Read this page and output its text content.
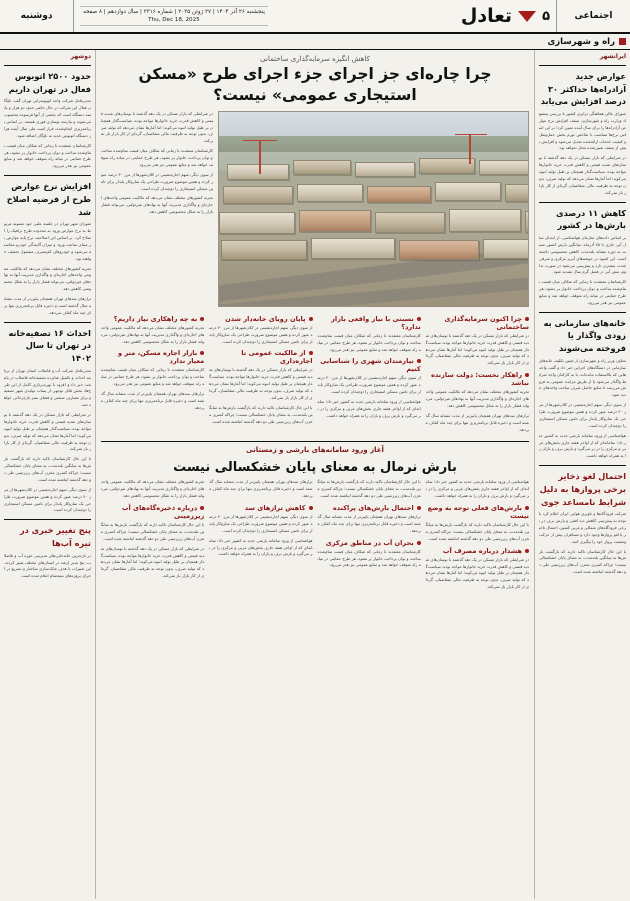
اجتماعی
۵
تعادل
پنجشنبه ۲۶ آذر ۱۴۰۴ | ۲۷ ژوئن ۲۰۲۵ | شماره ۲۳۱۶ | سال دوازدهم | ۸ صفحه
Thu, Dec 18, 2025
دوشنبه
راه و شهرسازی
ایرانشهر
عوارض جدید آزادراه‌ها حداکثر ۳۰ درصد افزایش می‌یابد
شورای عالی هماهنگی ترابری کشور با بررسی پیشنهاد وزارت راه و شهرسازی، سقف افزایش نرخ عوارض آزادراه‌ها را برای سال آینده تعیین کرد؛ بر این اساس نرخ‌ها متناسب با شاخص تورم بخش حمل‌ونقل و کیفیت خدمات ارائه‌شده تعدیل می‌شود و افزایش بیش از سقف تعیین‌شده مجاز نخواهد بود.
در شرایطی که بازار مسکن در یک دهه گذشته با نوسان‌های شدید قیمتی و کاهش قدرت خرید خانوارها مواجه بوده، سیاست‌گذار همچنان بر طبل تولید انبوه می‌کوبد؛ اما آمارها نشان می‌دهد که تولید صرف، بدون توجه به ظرفیت مالی متقاضیان، گره‌ای از کار بازار باز نمی‌کند.
کاهش ۱۱ درصدی بارش‌ها در کشور
بر اساس داده‌های سازمان هواشناسی، از ابتدای سال آبی جاری تا ۲۵ آذرماه، میانگین بارش کشور نسبت به دوره مشابه بلندمدت کاهش محسوسی داشته است. این کمبود در حوضه‌های آبریز مرکزی و شرقی شدت بیشتری دارد و پیش‌بینی می‌شود در صورت تداوم، تنش آبی در فصل گرم سال تشدید شود.
کارشناسان معتقدند تا زمانی که شکاف میان قیمت تمام‌شده ساخت و توان پرداخت خانوار پر نشود، هر طرح حمایتی در میانه راه متوقف خواهد شد و منابع عمومی نیز هدر می‌رود.
خانه‌های سازمانی به زودی واگذار یا فروخته می‌شوند
معاون وزیر راه و شهرسازی از تعیین تکلیف خانه‌های سازمانی در دستگاه‌های اجرایی خبر داد و گفت واحدهایی که بلااستفاده مانده‌اند، یا به کارکنان واجد شرایط واگذار می‌شود یا از طریق مزایده عمومی به فروش می‌رسد تا منابع حاصل صرف ساخت واحدهای جدید شود.
از سوی دیگر، سهم اجاره‌نشینی در کلان‌شهرها از مرز ۴۰ درصد عبور کرده و همین موضوع ضرورت طراحی یک سازوکار پایدار برای تامین مسکن استیجاری را دوچندان کرده است.
هواشناسی از ورود سامانه بارشی جدید به کشور خبر داد؛ سامانه‌ای که از اواخر هفته جاری بخش‌های غربی و مرکزی را در بر می‌گیرد و بارش برف و باران را به همراه خواهد داشت.
احتمال لغو ذخایر برخی پروازها به دلیل شرایط نامساعد جوی
شرکت فرودگاه‌ها و ناوبری هوایی ایران اعلام کرد با توجه به پیش‌بینی کاهش دید افقی و بارش برف در برخی فرودگاه‌های شمالی و غربی کشور، احتمال تاخیر یا لغو پروازها وجود دارد و مسافران پیش از حرکت وضعیت پرواز خود را پیگیری کنند.
با این حال کارشناسان تاکید دارند که بازگشت بارش‌ها به میانگین بلندمدت، به معنای پایان خشکسالی نیست؛ چراکه کسری مخزن آب‌های زیرزمینی طی دو دهه گذشته انباشته شده است.
کاهش انگیزه سرمایه‌گذاری ساختمانی
چرا چاره‌ای جز اجرای جزء اجرای طرح «مسکن استیجاری عمومی» نیست؟
در شرایطی که بازار مسکن در یک دهه گذشته با نوسان‌های شدید قیمتی و کاهش قدرت خرید خانوارها مواجه بوده، سیاست‌گذار همچنان بر طبل تولید انبوه می‌کوبد؛ اما آمارها نشان می‌دهد که تولید صرف، بدون توجه به ظرفیت مالی متقاضیان، گره‌ای از کار بازار باز نمی‌کند.
کارشناسان معتقدند تا زمانی که شکاف میان قیمت تمام‌شده ساخت و توان پرداخت خانوار پر نشود، هر طرح حمایتی در میانه راه متوقف خواهد شد و منابع عمومی نیز هدر می‌رود.
از سوی دیگر، سهم اجاره‌نشینی در کلان‌شهرها از مرز ۴۰ درصد عبور کرده و همین موضوع ضرورت طراحی یک سازوکار پایدار برای تامین مسکن استیجاری را دوچندان کرده است.
تجربه کشورهای مختلف نشان می‌دهد که مالکیت عمومی واحدهای اجاره‌ای و واگذاری مدیریت آنها به نهادهای غیردولتی، می‌تواند فشار بازار را به شکل محسوسی کاهش دهد.
چرا اکنون سرمایه‌گذاری ساختمانی
در شرایطی که بازار مسکن در یک دهه گذشته با نوسان‌های شدید قیمتی و کاهش قدرت خرید خانوارها مواجه بوده، سیاست‌گذار همچنان بر طبل تولید انبوه می‌کوبد؛ اما آمارها نشان می‌دهد که تولید صرف، بدون توجه به ظرفیت مالی متقاضیان، گره‌ای از کار بازار باز نمی‌کند.
راهکار نخست: دولت سازنده نباشد
تجربه کشورهای مختلف نشان می‌دهد که مالکیت عمومی واحدهای اجاره‌ای و واگذاری مدیریت آنها به نهادهای غیردولتی، می‌تواند فشار بازار را به شکل محسوسی کاهش دهد.
ترازهای سدهای تهران همچنان پایین‌تر از مدت مشابه سال گذشته است و ذخیره قابل برنامه‌ریزی تنها برای چند ماه کفاف می‌دهد.
نسبتی با نیاز واقعی بازار ندارد؟
کارشناسان معتقدند تا زمانی که شکاف میان قیمت تمام‌شده ساخت و توان پرداخت خانوار پر نشود، هر طرح حمایتی در میانه راه متوقف خواهد شد و منابع عمومی نیز هدر می‌رود.
نیازمندان شهری را شناسایی کنیم
از سوی دیگر، سهم اجاره‌نشینی در کلان‌شهرها از مرز ۴۰ درصد عبور کرده و همین موضوع ضرورت طراحی یک سازوکار پایدار برای تامین مسکن استیجاری را دوچندان کرده است.
هواشناسی از ورود سامانه بارشی جدید به کشور خبر داد؛ سامانه‌ای که از اواخر هفته جاری بخش‌های غربی و مرکزی را در بر می‌گیرد و بارش برف و باران را به همراه خواهد داشت.
پایان رویای خانه‌دار شدن
از سوی دیگر، سهم اجاره‌نشینی در کلان‌شهرها از مرز ۴۰ درصد عبور کرده و همین موضوع ضرورت طراحی یک سازوکار پایدار برای تامین مسکن استیجاری را دوچندان کرده است.
از مالکیت عمومی تا اجاره‌داری
در شرایطی که بازار مسکن در یک دهه گذشته با نوسان‌های شدید قیمتی و کاهش قدرت خرید خانوارها مواجه بوده، سیاست‌گذار همچنان بر طبل تولید انبوه می‌کوبد؛ اما آمارها نشان می‌دهد که تولید صرف، بدون توجه به ظرفیت مالی متقاضیان، گره‌ای از کار بازار باز نمی‌کند.
با این حال کارشناسان تاکید دارند که بازگشت بارش‌ها به میانگین بلندمدت، به معنای پایان خشکسالی نیست؛ چراکه کسری مخزن آب‌های زیرزمینی طی دو دهه گذشته انباشته شده است.
به چه راهکاری نیاز داریم؟
تجربه کشورهای مختلف نشان می‌دهد که مالکیت عمومی واحدهای اجاره‌ای و واگذاری مدیریت آنها به نهادهای غیردولتی، می‌تواند فشار بازار را به شکل محسوسی کاهش دهد.
بازار اجاره مسکن، متر و معیار ندارد
کارشناسان معتقدند تا زمانی که شکاف میان قیمت تمام‌شده ساخت و توان پرداخت خانوار پر نشود، هر طرح حمایتی در میانه راه متوقف خواهد شد و منابع عمومی نیز هدر می‌رود.
ترازهای سدهای تهران همچنان پایین‌تر از مدت مشابه سال گذشته است و ذخیره قابل برنامه‌ریزی تنها برای چند ماه کفاف می‌دهد.
آغاز ورود سامانه‌های بارشی و زمستانی
بارش نرمال به معنای پایان خشکسالی نیست
هواشناسی از ورود سامانه بارشی جدید به کشور خبر داد؛ سامانه‌ای که از اواخر هفته جاری بخش‌های غربی و مرکزی را در بر می‌گیرد و بارش برف و باران را به همراه خواهد داشت.
بارش‌های فعلی توجه به وضع نیست
با این حال کارشناسان تاکید دارند که بازگشت بارش‌ها به میانگین بلندمدت، به معنای پایان خشکسالی نیست؛ چراکه کسری مخزن آب‌های زیرزمینی طی دو دهه گذشته انباشته شده است.
هشدار درباره مصرف آب
در شرایطی که بازار مسکن در یک دهه گذشته با نوسان‌های شدید قیمتی و کاهش قدرت خرید خانوارها مواجه بوده، سیاست‌گذار همچنان بر طبل تولید انبوه می‌کوبد؛ اما آمارها نشان می‌دهد که تولید صرف، بدون توجه به ظرفیت مالی متقاضیان، گره‌ای از کار بازار باز نمی‌کند.
با این حال کارشناسان تاکید دارند که بازگشت بارش‌ها به میانگین بلندمدت، به معنای پایان خشکسالی نیست؛ چراکه کسری مخزن آب‌های زیرزمینی طی دو دهه گذشته انباشته شده است.
احتمال بارش‌های پراکنده
ترازهای سدهای تهران همچنان پایین‌تر از مدت مشابه سال گذشته است و ذخیره قابل برنامه‌ریزی تنها برای چند ماه کفاف می‌دهد.
بحران آب در مناطق مرکزی
کارشناسان معتقدند تا زمانی که شکاف میان قیمت تمام‌شده ساخت و توان پرداخت خانوار پر نشود، هر طرح حمایتی در میانه راه متوقف خواهد شد و منابع عمومی نیز هدر می‌رود.
ترازهای سدهای تهران همچنان پایین‌تر از مدت مشابه سال گذشته است و ذخیره قابل برنامه‌ریزی تنها برای چند ماه کفاف می‌دهد.
کاهش ترازهای سد
از سوی دیگر، سهم اجاره‌نشینی در کلان‌شهرها از مرز ۴۰ درصد عبور کرده و همین موضوع ضرورت طراحی یک سازوکار پایدار برای تامین مسکن استیجاری را دوچندان کرده است.
هواشناسی از ورود سامانه بارشی جدید به کشور خبر داد؛ سامانه‌ای که از اواخر هفته جاری بخش‌های غربی و مرکزی را در بر می‌گیرد و بارش برف و باران را به همراه خواهد داشت.
تجربه کشورهای مختلف نشان می‌دهد که مالکیت عمومی واحدهای اجاره‌ای و واگذاری مدیریت آنها به نهادهای غیردولتی، می‌تواند فشار بازار را به شکل محسوسی کاهش دهد.
درباره ذخیره‌گاه‌های آب زیرزمینی
با این حال کارشناسان تاکید دارند که بازگشت بارش‌ها به میانگین بلندمدت، به معنای پایان خشکسالی نیست؛ چراکه کسری مخزن آب‌های زیرزمینی طی دو دهه گذشته انباشته شده است.
در شرایطی که بازار مسکن در یک دهه گذشته با نوسان‌های شدید قیمتی و کاهش قدرت خرید خانوارها مواجه بوده، سیاست‌گذار همچنان بر طبل تولید انبوه می‌کوبد؛ اما آمارها نشان می‌دهد که تولید صرف، بدون توجه به ظرفیت مالی متقاضیان، گره‌ای از کار بازار باز نمی‌کند.
دوشهر
حدود ۲۵۰۰ اتوبوس فعال در تهران داریم
مدیرعامل شرکت واحد اتوبوسرانی تهران گفت ناوگان فعال این شرکت در حال حاضر حدود دو هزار و پانصد دستگاه است که بخشی از آنها فرسوده محسوب می‌شوند و نیازمند نوسازی فوری هستند. بر اساس برنامه‌ریزی انجام‌شده، قرار است طی سال آینده هزار دستگاه اتوبوس جدید به ناوگان اضافه شود.
کارشناسان معتقدند تا زمانی که شکاف میان قیمت تمام‌شده ساخت و توان پرداخت خانوار پر نشود، هر طرح حمایتی در میانه راه متوقف خواهد شد و منابع عمومی نیز هدر می‌رود.
افزایش نرخ عوارض طرح از فرضیه اصلاح شد
شورای شهر تهران در جلسه علنی خود مصوبه مربوط به نرخ عوارض ورود به محدوده طرح ترافیک را اصلاح کرد. بر اساس این اصلاحیه، نرخ پایه عوارض بر مبنای ساعت ورود و میزان آلایندگی خودرو محاسبه می‌شود و خودروهای کم‌مصرف مشمول تخفیف خواهند بود.
تجربه کشورهای مختلف نشان می‌دهد که مالکیت عمومی واحدهای اجاره‌ای و واگذاری مدیریت آنها به نهادهای غیردولتی، می‌تواند فشار بازار را به شکل محسوسی کاهش دهد.
ترازهای سدهای تهران همچنان پایین‌تر از مدت مشابه سال گذشته است و ذخیره قابل برنامه‌ریزی تنها برای چند ماه کفاف می‌دهد.
احداث ۱۶ تصفیه‌خانه در تهران تا سال ۱۴۰۲
مدیرعامل شرکت آب و فاضلاب استان تهران از برنامه احداث و تکمیل شانزده تصفیه‌خانه فاضلاب در پایتخت خبر داد و افزود با بهره‌برداری کامل از این طرح‌ها، بخش قابل توجهی از پساب تولیدی شهر تصفیه و برای مصارف صنعتی و فضای سبز بازچرخانی خواهد شد.
در شرایطی که بازار مسکن در یک دهه گذشته با نوسان‌های شدید قیمتی و کاهش قدرت خرید خانوارها مواجه بوده، سیاست‌گذار همچنان بر طبل تولید انبوه می‌کوبد؛ اما آمارها نشان می‌دهد که تولید صرف، بدون توجه به ظرفیت مالی متقاضیان، گره‌ای از کار بازار باز نمی‌کند.
با این حال کارشناسان تاکید دارند که بازگشت بارش‌ها به میانگین بلندمدت، به معنای پایان خشکسالی نیست؛ چراکه کسری مخزن آب‌های زیرزمینی طی دو دهه گذشته انباشته شده است.
از سوی دیگر، سهم اجاره‌نشینی در کلان‌شهرها از مرز ۴۰ درصد عبور کرده و همین موضوع ضرورت طراحی یک سازوکار پایدار برای تامین مسکن استیجاری را دوچندان کرده است.
پنج تغییر خبری در تیره آب‌ها
در تازه‌ترین جابه‌جایی‌های مدیریتی حوزه آب و فاضلاب، پنج مدیر ارشد در استان‌های مختلف تغییر کردند. این تغییرات با هدف چابک‌سازی ساختار و تسریع در اجرای پروژه‌های نیمه‌تمام انجام شده است.
